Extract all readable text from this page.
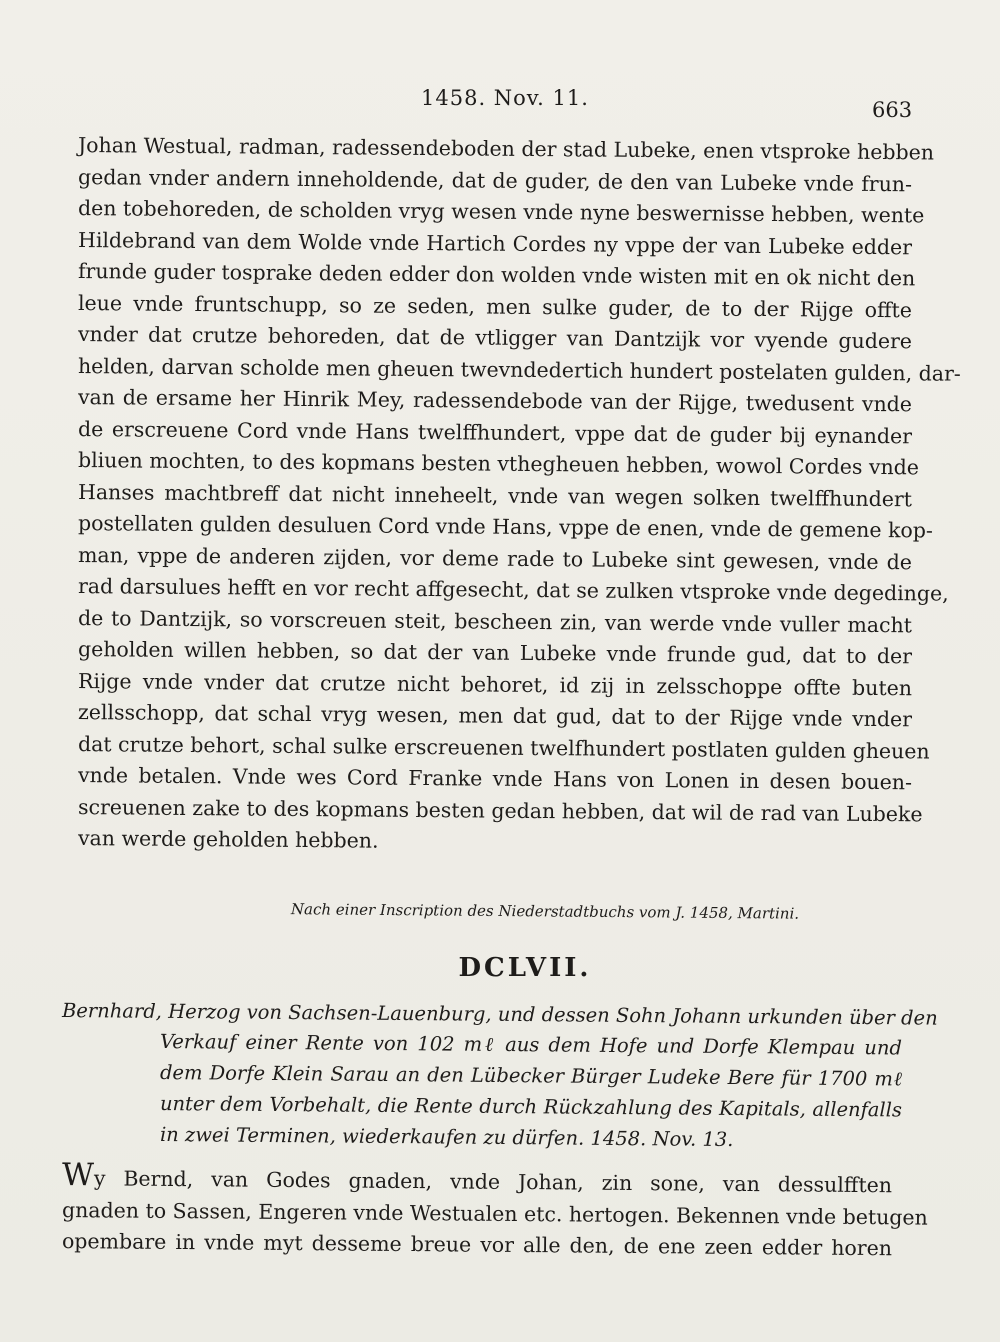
1458. Nov. 11.	663
Johan Westual, radman, radessendeboden der stad Lubeke, enen vtsproke hebben
gedan vnder andern inneholdende, dat de guder, de den van Lubeke vnde frun-
den tobehoreden, de scholden vryg wesen vnde nyne beswernisse hebben, wente
Hildebrand van dem Wolde vnde Hartich Cordes ny vppe der van Lubeke edder
frunde guder tosprake deden edder don wolden vnde wisten mit en ok nicht den
leue vnde fruntschupp, so ze seden, men sulke guder, de to der Rijge offte
vnder dat crutze behoreden, dat de vtligger van Dantzijk vor vyende gudere
helden, darvan scholde men gheuen twevndedertich hundert postelaten gulden, dar-
van de ersame her Hinrik Mey, radessendebode van der Rijge, twedusent vnde
de erscreuene Cord vnde Hans twelffhundert, vppe dat de guder bij eynander
bliuen mochten, to des kopmans besten vthegheuen hebben, wowol Cordes vnde
Hanses machtbreff dat nicht inneheelt, vnde van wegen solken twelffhundert
postellaten gulden desuluen Cord vnde Hans, vppe de enen, vnde de gemene kop-
man, vppe de anderen zijden, vor deme rade to Lubeke sint gewesen, vnde de
rad darsulues hefft en vor recht affgesecht, dat se zulken vtsproke vnde degedinge,
de to Dantzijk, so vorscreuen steit, bescheen zin, van werde vnde vuller macht
geholden willen hebben, so dat der van Lubeke vnde frunde gud, dat to der
Rijge vnde vnder dat crutze nicht behoret, id zij in zelsschoppe offte buten
zellsschopp, dat schal vryg wesen, men dat gud, dat to der Rijge vnde vnder
dat crutze behort, schal sulke erscreuenen twelfhundert postlaten gulden gheuen
vnde betalen. Vnde wes Cord Franke vnde Hans von Lonen in desen bouen-
screuenen zake to des kopmans besten gedan hebben, dat wil de rad van Lubeke
van werde geholden hebben.
Nach einer Inscription des Niederstadtbuchs vom J. 1458, Martini.
DCLVII.
Bernhard, Herzog von Sachsen-Lauenburg, und dessen Sohn Johann urkunden über den
Verkauf einer Rente von 102 mℓ aus dem Hofe und Dorfe Klempau und
dem Dorfe Klein Sarau an den Lübecker Bürger Ludeke Bere für 1700 mℓ
unter dem Vorbehalt, die Rente durch Rückzahlung des Kapitals, allenfalls
in zwei Terminen, wiederkaufen zu dürfen. 1458. Nov. 13.
Wy Bernd, van Godes gnaden, vnde Johan, zin sone, van dessulfften
gnaden to Sassen, Engeren vnde Westualen etc. hertogen. Bekennen vnde betugen
opembare in vnde myt desseme breue vor alle den, de ene zeen edder horen
